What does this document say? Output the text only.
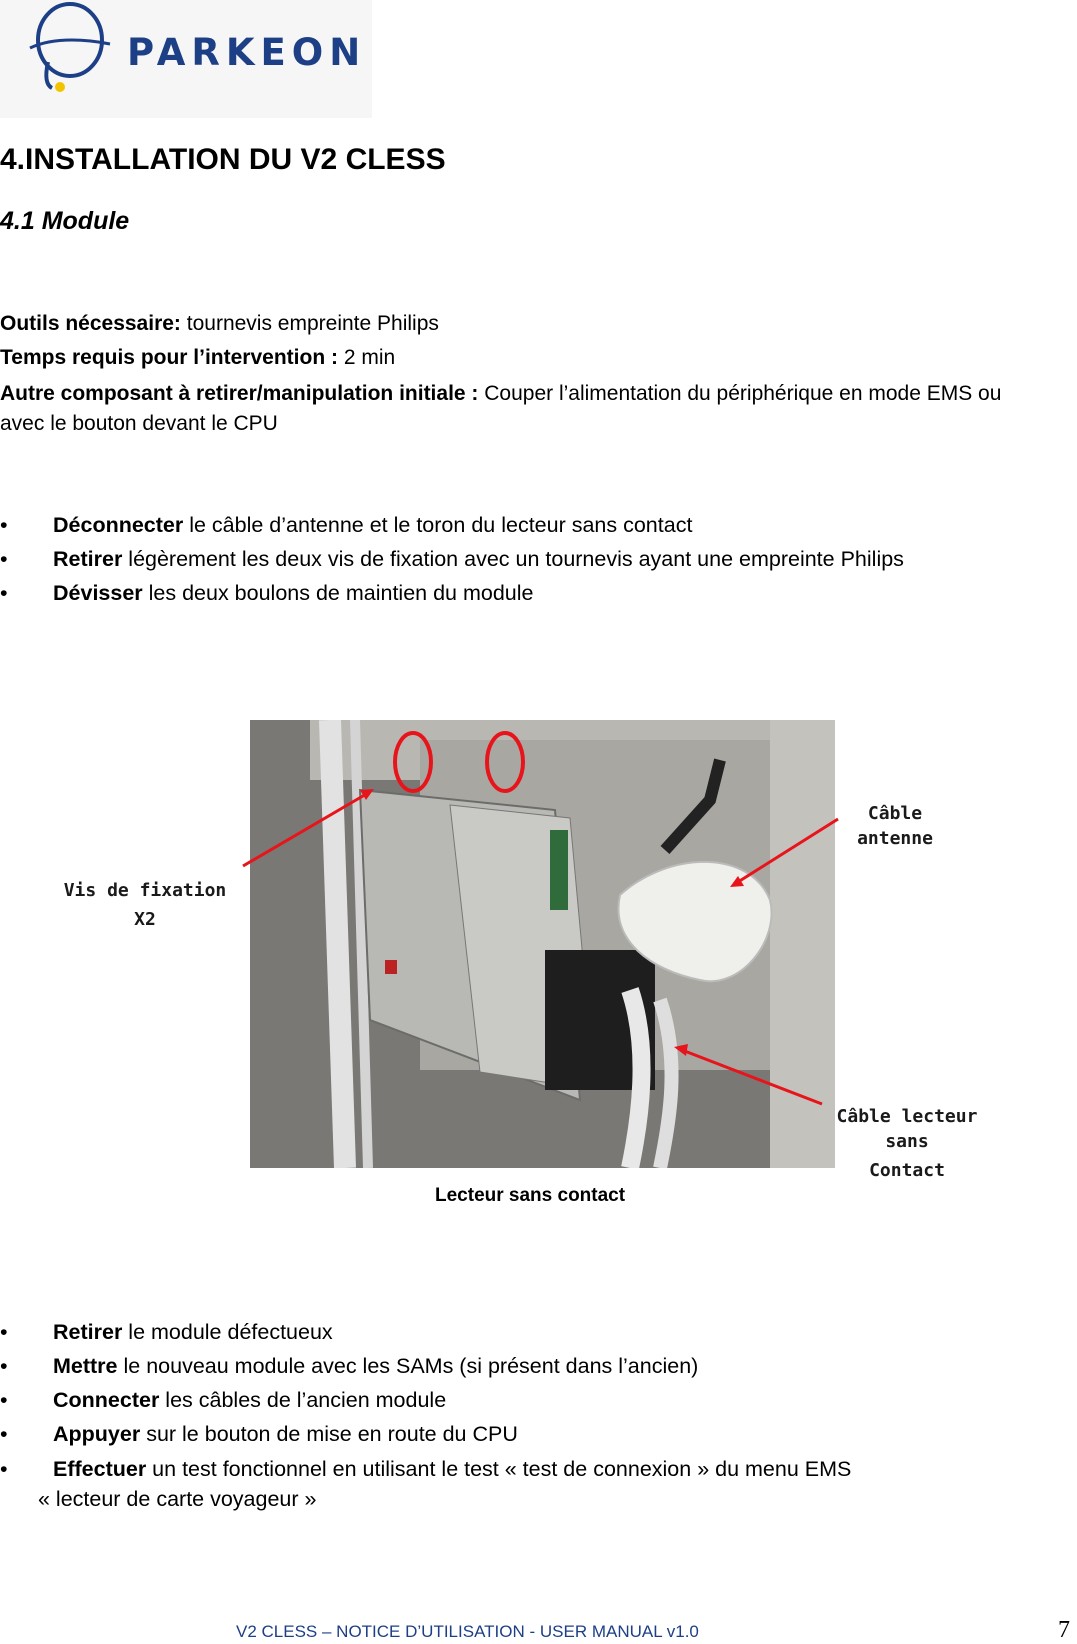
PARKEON
4.INSTALLATION DU V2 CLESS
4.1 Module
Outils nécessaire: tournevis empreinte Philips
Temps requis pour l’intervention : 2 min
Autre composant à retirer/manipulation initiale : Couper l’alimentation du périphérique en mode EMS ou avec le bouton devant le CPU
•	Déconnecter le câble d’antenne et le toron du lecteur sans contact
•	Retirer légèrement les deux vis de fixation avec un tournevis ayant une empreinte Philips
•	Dévisser les deux boulons de maintien du module
Vis de fixation
X2
Câble
antenne
Câble lecteur
sans
Contact
Lecteur sans contact
•	Retirer le module défectueux
•	Mettre le nouveau module avec les SAMs (si présent dans l’ancien)
•	Connecter les câbles de l’ancien module
•	Appuyer sur le bouton de mise en route du CPU
•	Effectuer un test fonctionnel en utilisant le test « test de connexion » du menu EMS
« lecteur de carte voyageur »
V2 CLESS – NOTICE D’UTILISATION - USER MANUAL v1.0	7
